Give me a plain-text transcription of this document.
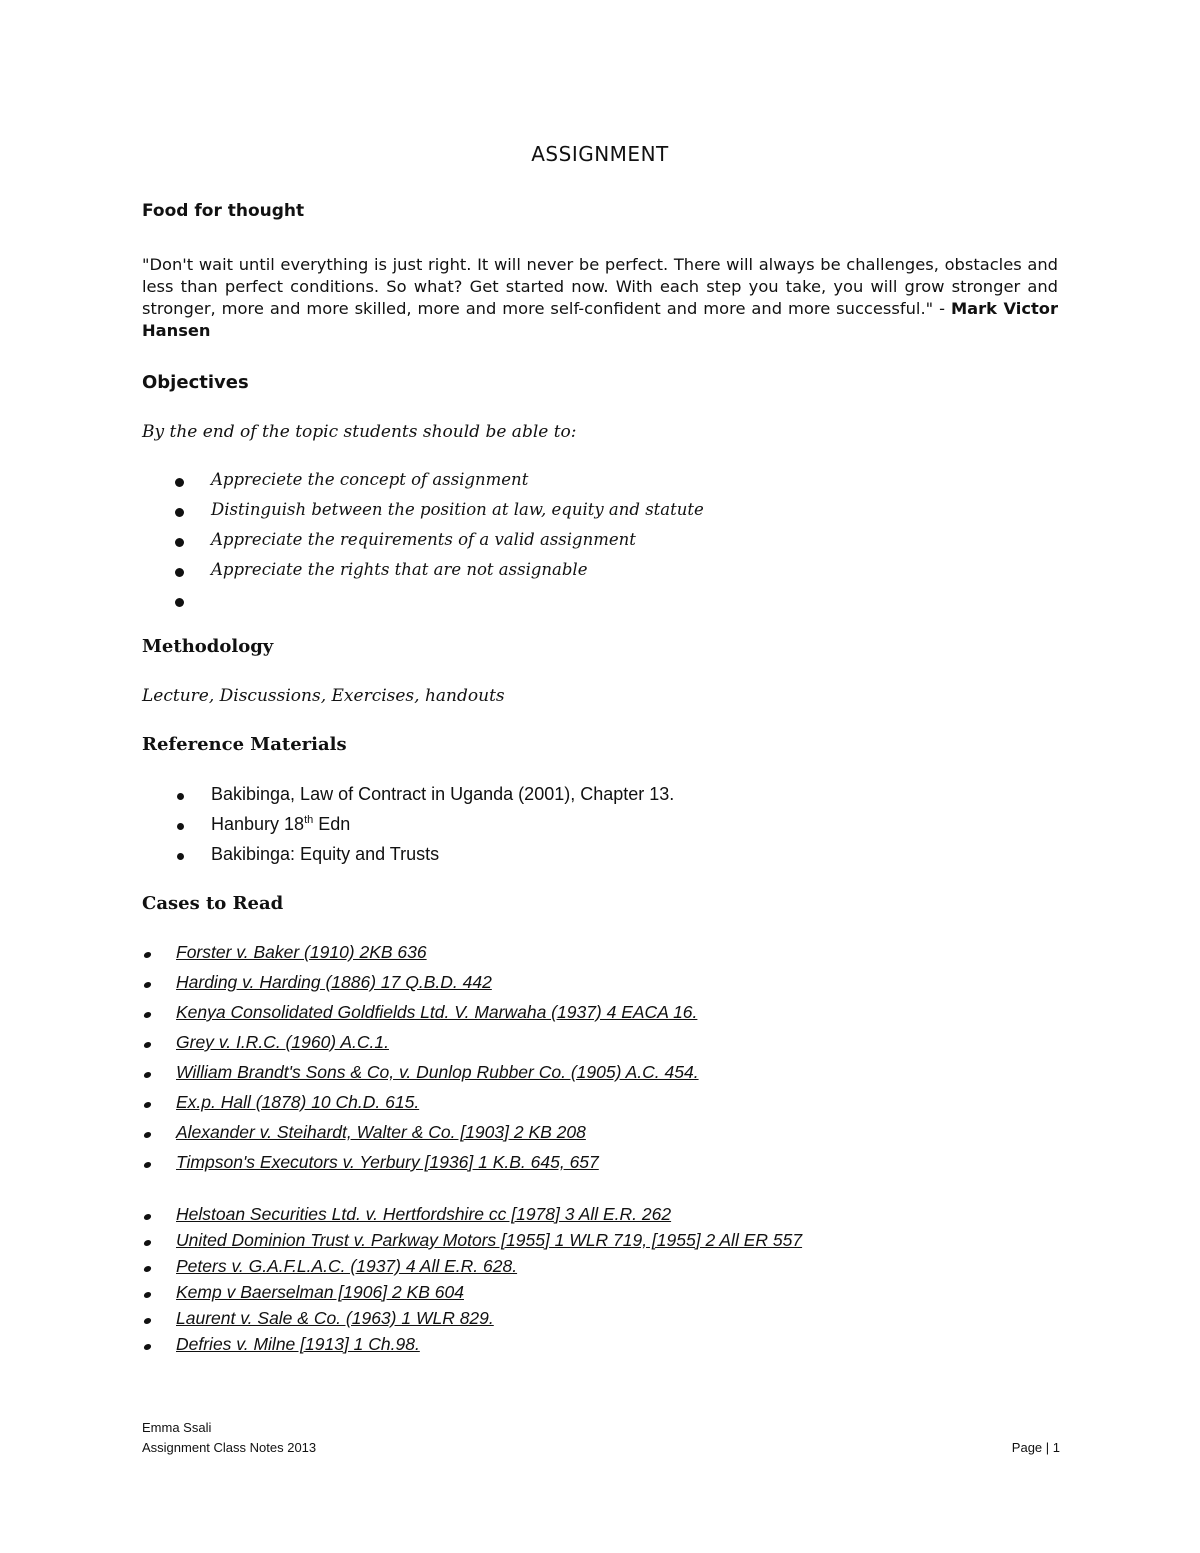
ASSIGNMENT
Food for thought
"Don't wait until everything is just right. It will never be perfect. There will always be challenges, obstacles and less than perfect conditions. So what? Get started now. With each step you take, you will grow stronger and stronger, more and more skilled, more and more self-confident and more and more successful." - Mark Victor Hansen
Objectives
By the end of the topic students should be able to:
Appreciete the concept of assignment
Distinguish between the position at law, equity and statute
Appreciate the requirements of a valid assignment
Appreciate the rights that are not assignable
Methodology
Lecture, Discussions, Exercises, handouts
Reference Materials
Bakibinga, Law of Contract in Uganda (2001), Chapter 13.
Hanbury 18th Edn
Bakibinga: Equity and Trusts
Cases to Read
Forster v. Baker (1910) 2KB 636
Harding v. Harding (1886) 17 Q.B.D. 442
Kenya Consolidated Goldfields Ltd. V. Marwaha (1937) 4 EACA 16.
Grey v. I.R.C. (1960) A.C.1.
William Brandt's Sons & Co, v. Dunlop Rubber Co. (1905) A.C. 454.
Ex.p. Hall (1878) 10 Ch.D. 615.
Alexander v. Steihardt, Walter & Co. [1903] 2 KB 208
Timpson's Executors v. Yerbury [1936] 1 K.B. 645, 657
Helstoan Securities Ltd. v. Hertfordshire cc [1978] 3 All E.R. 262
United Dominion Trust v. Parkway Motors [1955] 1 WLR 719, [1955] 2 All ER 557
Peters v. G.A.F.L.A.C. (1937) 4 All E.R. 628.
Kemp v Baerselman [1906] 2 KB 604
Laurent v. Sale & Co. (1963) 1 WLR 829.
Defries v. Milne [1913] 1 Ch.98.
Emma Ssali
Assignment Class Notes 2013	Page | 1
